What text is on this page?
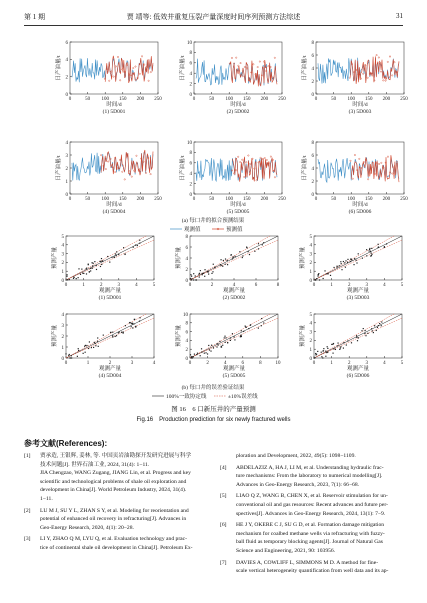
第 1 期	贾 靖等: 低效井重复压裂产量深度时间序列预测方法综述	31
0	50 100 150 200 250
0
2
4
6
日产油量/t
时间/d
(1) 5D001
0	50 100 150 200 250
0
2
4
6
8
10
日产油量/t
时间/d
(2) 5D002
0	50 100 150 200 250
0
2
4
6
8
日产油量/t
时间/d
(3) 5D003
0	50 100 150 200 250
0
1
2
3
4
日产油量/t
时间/d
(4) 5D004
0	50 100 150 200 250
0
2
4
6
8
10
日产油量/t
时间/d
(5) 5D005
0	50 100 150 200 250
0
2
4
6
8
日产油量/t
时间/d
(6) 5D006
(a) 每口井的拟合预测结果
观测值	预测值
0	1	2	3	4	5
0
1
2
3
4
5
预测产量
观测产量
(1) 5D001
0	2	4	6	8
0
2
4
6
8
预测产量
观测产量
(2) 5D002
0	1	2	3	4	5
0
1
2
3
4
5
预测产量
观测产量
(3) 5D003
0	1	2	3	4
0
1
2
3
4
预测产量
观测产量
(4) 5D004
0	2	4	6	8	10
0
2
4
6
8
10
预测产量
观测产量
(5) 5D005
0	1	2	3	4	5
0
1
2
3
4
5
预测产量
观测产量
(6) 5D006
(b) 每口井的误差验证结果
100%一致协定线	±10%误差线
图 16　6 口新压井的产量预测
Fig.16　Production prediction for six newly fractured wells
参考文献(References):
[1] 贾承造, 王银辉, 姜林, 等. 中国页岩油勘探开发研究进展与科学
技术问题[J]. 世界石油工业, 2024, 31(4): 1−11.
JIA Chengzao, WANG Zugang, JIANG Lin, et al. Progress and key
scientific and technological problems of shale oil exploration and
development in China[J]. World Petroleum Industry, 2024, 31(4).
1−11.
[2] LU M J, SU Y L, ZHAN S Y, et al. Modeling for reorientation and
potential of enhanced oil recovery in refracturing[J]. Advances in
Geo-Energy Research, 2020, 4(1): 20−28.
[3] LI Y, ZHAO Q M, LYU Q, et al. Evaluation technology and prac-
tice of continental shale oil development in China[J]. Petroleum Ex-
ploration and Development, 2022, 49(5): 1098−1109.
[4] ABDELAZIZ A, HA J, LI M, et al. Understanding hydraulic frac-
ture mechanisms: From the laboratory to numerical modelling[J].
Advances in Geo-Energy Research, 2023, 7(1): 66−68.
[5] LIAO Q Z, WANG B, CHEN X, et al. Reservoir stimulation for un-
conventional oil and gas resources: Recent advances and future per-
spectives[J]. Advances in Geo-Energy Research, 2024, 13(1): 7−9.
[6] HE J Y, OKERE C J, SU G D, et al. Formation damage mitigation
mechanism for coalbed methane wells via refracturing with fuzzy-
ball fluid as temporary blocking agents[J]. Journal of Natural Gas
Science and Engineering, 2021, 90: 103956.
[7] DAVIES A, COWLIFF L, SIMMONS M D. A method for fine-
scale vertical heterogeneity quantification from well data and its ap-
